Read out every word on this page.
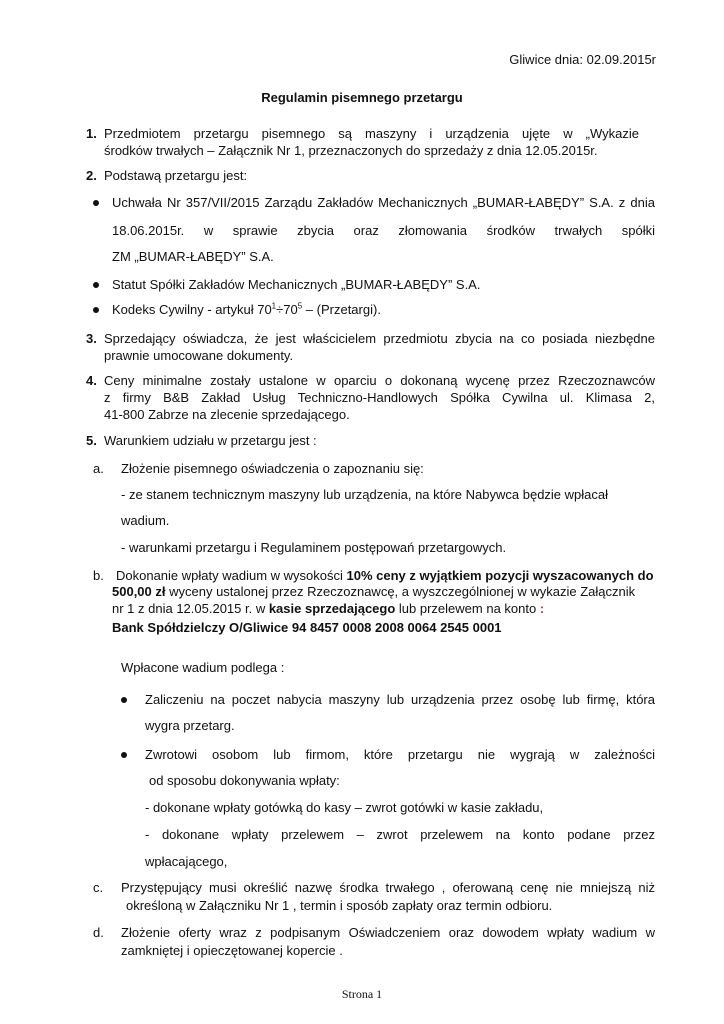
Gliwice dnia: 02.09.2015r
Regulamin pisemnego przetargu
1. Przedmiotem przetargu pisemnego są maszyny i urządzenia ujęte w „Wykazie
środków trwałych – Załącznik Nr 1, przeznaczonych do sprzedaży z dnia 12.05.2015r.
2. Podstawą przetargu jest:
Uchwała Nr 357/VII/2015 Zarządu Zakładów Mechanicznych „BUMAR-ŁABĘDY” S.A. z dnia
18.06.2015r. w sprawie zbycia oraz złomowania środków trwałych spółki
ZM „BUMAR-ŁABĘDY” S.A.
Statut Spółki Zakładów Mechanicznych „BUMAR-ŁABĘDY” S.A.
Kodeks Cywilny - artykuł $70^1\div 70^5$ – (Przetargi).
3. Sprzedający oświadcza, że jest właścicielem przedmiotu zbycia na co posiada niezbędne
prawnie umocowane dokumenty.
4. Ceny minimalne zostały ustalone w oparciu o dokonaną wycenę przez Rzeczoznawców
z firmy B&B Zakład Usług Techniczno-Handlowych Spółka Cywilna ul. Klimasa 2,
41-800 Zabrze na zlecenie sprzedającego.
5. Warunkiem udziału w przetargu jest :
a. Złożenie pisemnego oświadczenia o zapoznaniu się:
- ze stanem technicznym maszyny lub urządzenia, na które Nabywca będzie wpłacał
wadium.
- warunkami przetargu i Regulaminem postępowań przetargowych.
b. Dokonanie wpłaty wadium w wysokości 10% ceny z wyjątkiem pozycji wyszacowanych do
500,00 zł wyceny ustalonej przez Rzeczoznawcę, a wyszczególnionej w wykazie Załącznik
nr 1 z dnia 12.05.2015 r. w kasie sprzedającego lub przelewem na konto :
Bank Spółdzielczy O/Gliwice 94 8457 0008 2008 0064 2545 0001
Wpłacone wadium podlega :
Zaliczeniu na poczet nabycia maszyny lub urządzenia przez osobę lub firmę, która
wygra przetarg.
Zwrotowi osobom lub firmom, które przetargu nie wygrają w zależności
od sposobu dokonywania wpłaty:
- dokonane wpłaty gotówką do kasy – zwrot gotówki w kasie zakładu,
- dokonane wpłaty przelewem – zwrot przelewem na konto podane przez
wpłacającego,
c. Przystępujący musi określić nazwę środka trwałego , oferowaną cenę nie mniejszą niż
określoną w Załączniku Nr 1 , termin i sposób zapłaty oraz termin odbioru.
d. Złożenie oferty wraz z podpisanym Oświadczeniem oraz dowodem wpłaty wadium w
zamkniętej i opieczętowanej kopercie .
Strona 1
